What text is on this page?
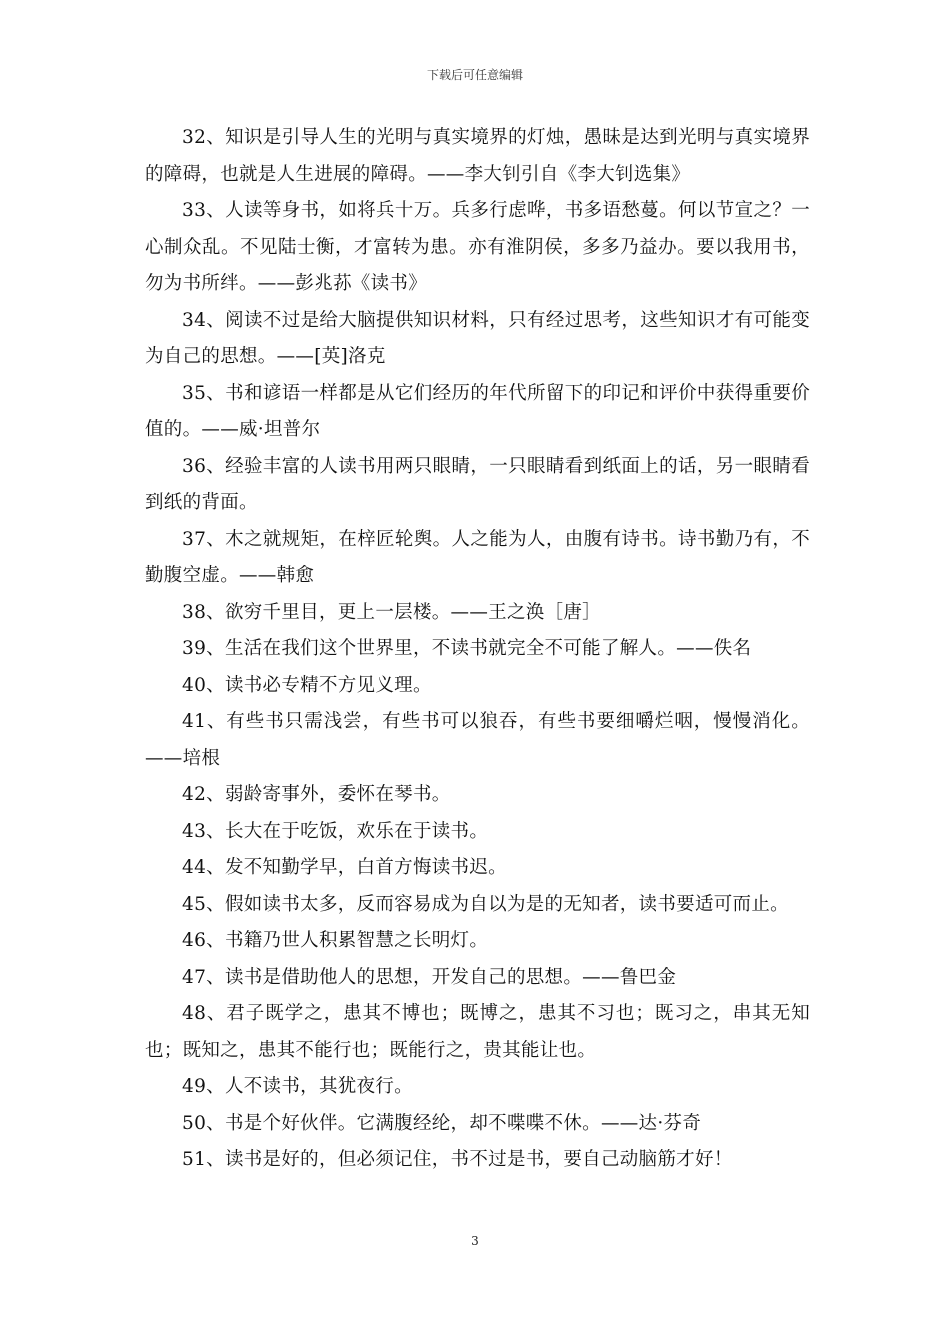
下载后可任意编辑

32、知识是引导人生的光明与真实境界的灯烛，愚昧是达到光明与真实境界的障碍，也就是人生进展的障碍。——李大钊引自《李大钊选集》

33、人读等身书，如将兵十万。兵多行虑哗，书多语愁蔓。何以节宣之？一心制众乱。不见陆士衡，才富转为患。亦有淮阴侯，多多乃益办。要以我用书，勿为书所绊。——彭兆荪《读书》

34、阅读不过是给大脑提供知识材料，只有经过思考，这些知识才有可能变为自己的思想。——[英]洛克

35、书和谚语一样都是从它们经历的年代所留下的印记和评价中获得重要价值的。——威·坦普尔

36、经验丰富的人读书用两只眼睛，一只眼睛看到纸面上的话，另一眼睛看到纸的背面。

37、木之就规矩，在梓匠轮舆。人之能为人，由腹有诗书。诗书勤乃有，不勤腹空虚。——韩愈

38、欲穷千里目，更上一层楼。——王之涣［唐］

39、生活在我们这个世界里，不读书就完全不可能了解人。——佚名

40、读书必专精不方见义理。

41、有些书只需浅尝，有些书可以狼吞，有些书要细嚼烂咽，慢慢消化。——培根

42、弱龄寄事外，委怀在琴书。

43、长大在于吃饭，欢乐在于读书。

44、发不知勤学早，白首方悔读书迟。

45、假如读书太多，反而容易成为自以为是的无知者，读书要适可而止。

46、书籍乃世人积累智慧之长明灯。

47、读书是借助他人的思想，开发自己的思想。——鲁巴金

48、君子既学之，患其不博也；既博之，患其不习也；既习之，串其无知也；既知之，患其不能行也；既能行之，贵其能让也。

49、人不读书，其犹夜行。

50、书是个好伙伴。它满腹经纶，却不喋喋不休。——达·芬奇

51、读书是好的，但必须记住，书不过是书，要自己动脑筋才好！

3
